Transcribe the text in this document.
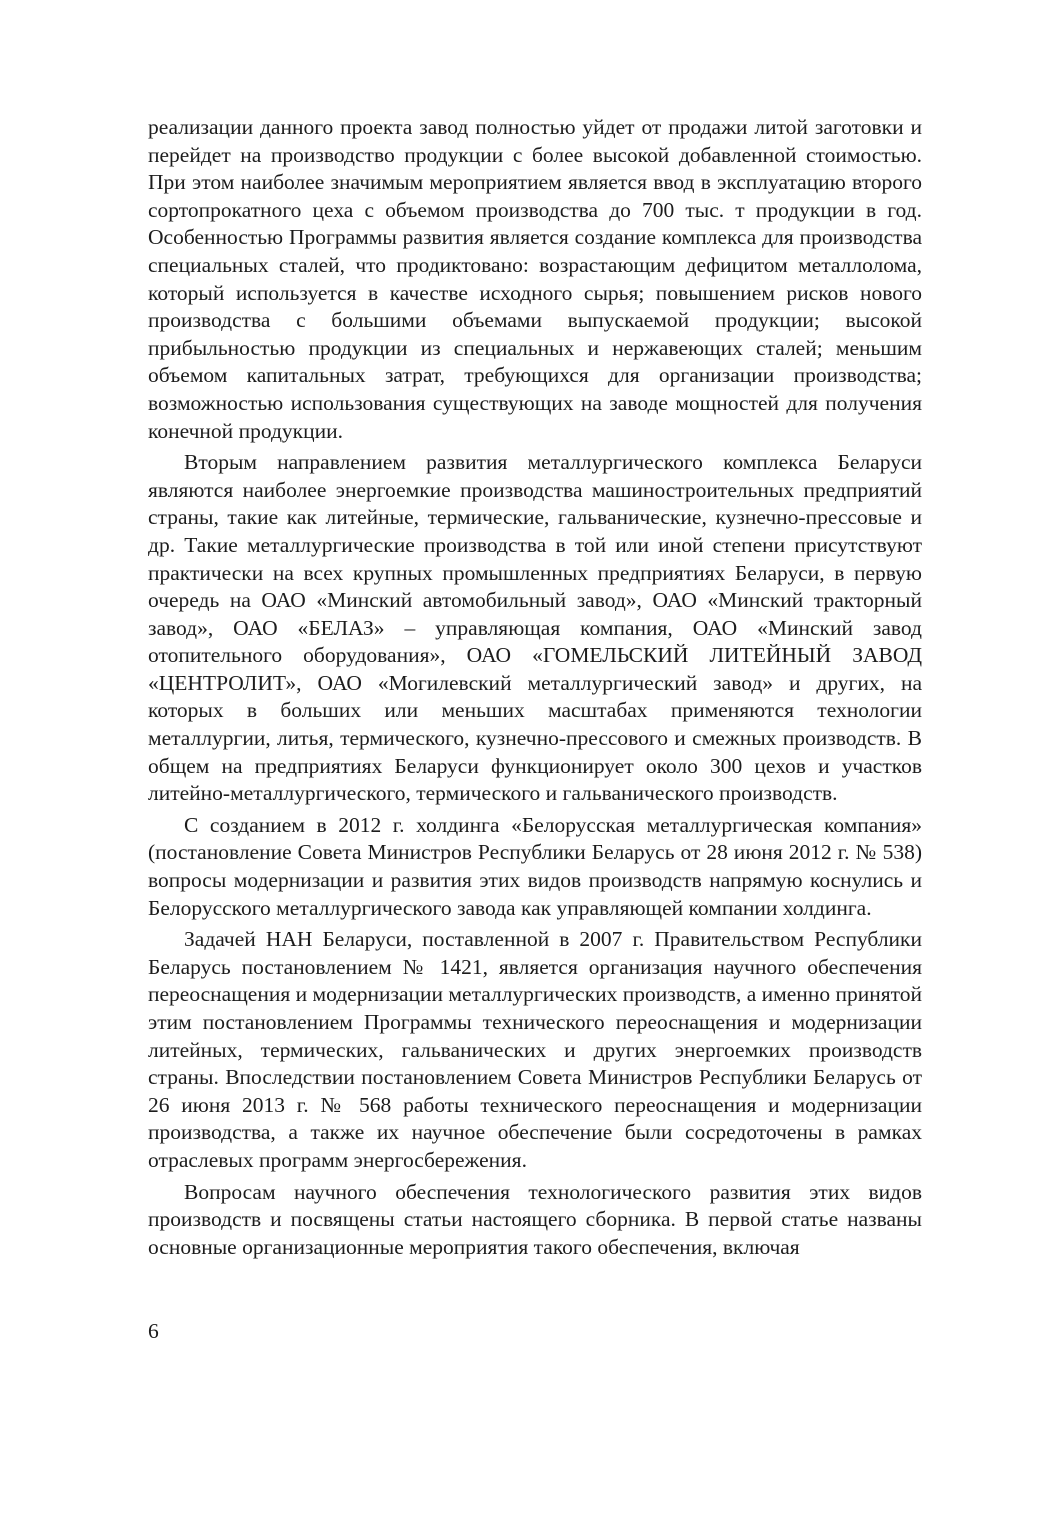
реализации данного проекта завод полностью уйдет от продажи литой заготовки и перейдет на производство продукции с более высокой добавленной стоимостью. При этом наиболее значимым мероприятием является ввод в эксплуатацию второго сортопрокатного цеха с объемом производства до 700 тыс. т продукции в год. Особенностью Программы развития является создание комплекса для производства специальных сталей, что продиктовано: возрастающим дефицитом металлолома, который используется в качестве исходного сырья; повышением рисков нового производства с большими объемами выпускаемой продукции; высокой прибыльностью продукции из специальных и нержавеющих сталей; меньшим объемом капитальных затрат, требующихся для организации производства; возможностью использования существующих на заводе мощностей для получения конечной продукции.

Вторым направлением развития металлургического комплекса Беларуси являются наиболее энергоемкие производства машиностроительных предприятий страны, такие как литейные, термические, гальванические, кузнечно-прессовые и др. Такие металлургические производства в той или иной степени присутствуют практически на всех крупных промышленных предприятиях Беларуси, в первую очередь на ОАО «Минский автомобильный завод», ОАО «Минский тракторный завод», ОАО «БЕЛАЗ» – управляющая компания, ОАО «Минский завод отопительного оборудования», ОАО «ГОМЕЛЬСКИЙ ЛИТЕЙНЫЙ ЗАВОД «ЦЕНТРОЛИТ», ОАО «Могилевский металлургический завод» и других, на которых в больших или меньших масштабах применяются технологии металлургии, литья, термического, кузнечно-прессового и смежных производств. В общем на предприятиях Беларуси функционирует около 300 цехов и участков литейно-металлургического, термического и гальванического производств.

С созданием в 2012 г. холдинга «Белорусская металлургическая компания» (постановление Совета Министров Республики Беларусь от 28 июня 2012 г. № 538) вопросы модернизации и развития этих видов производств напрямую коснулись и Белорусского металлургического завода как управляющей компании холдинга.

Задачей НАН Беларуси, поставленной в 2007 г. Правительством Республики Беларусь постановлением № 1421, является организация научного обеспечения переоснащения и модернизации металлургических производств, а именно принятой этим постановлением Программы технического переоснащения и модернизации литейных, термических, гальванических и других энергоемких производств страны. Впоследствии постановлением Совета Министров Республики Беларусь от 26 июня 2013 г. № 568 работы технического переоснащения и модернизации производства, а также их научное обеспечение были сосредоточены в рамках отраслевых программ энергосбережения.

Вопросам научного обеспечения технологического развития этих видов производств и посвящены статьи настоящего сборника. В первой статье названы основные организационные мероприятия такого обеспечения, включая

6
